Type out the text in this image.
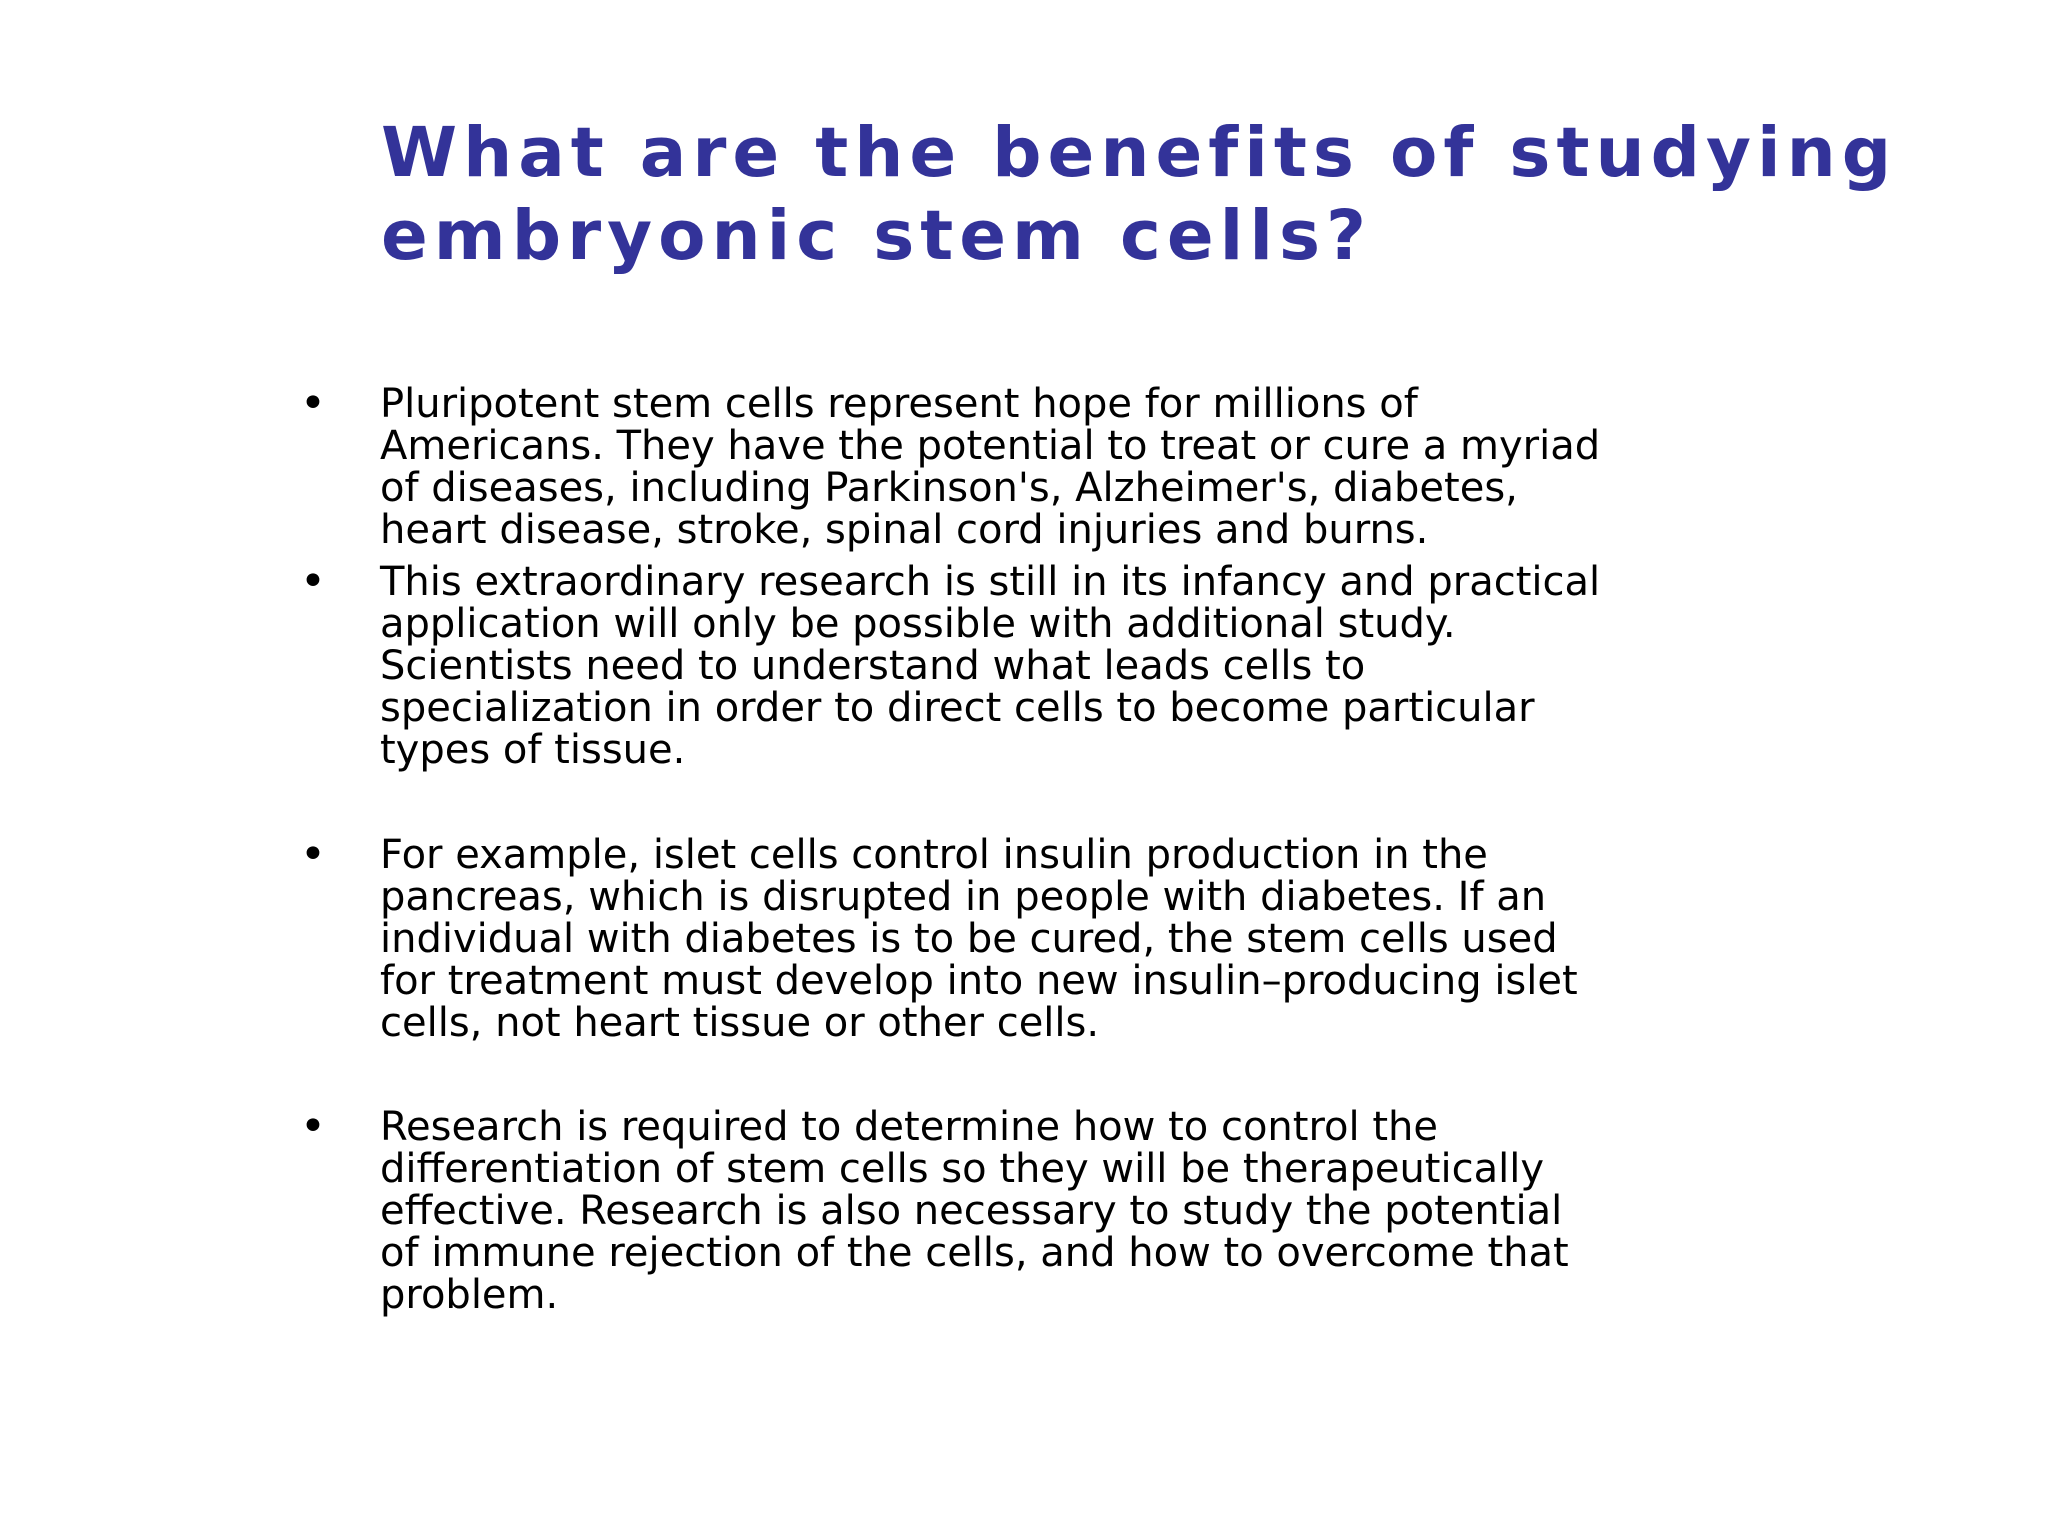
What are the benefits of studying
embryonic stem cells?
• Pluripotent stem cells represent hope for millions of
Americans. They have the potential to treat or cure a myriad
of diseases, including Parkinson's, Alzheimer's, diabetes,
heart disease, stroke, spinal cord injuries and burns.
• This extraordinary research is still in its infancy and practical
application will only be possible with additional study.
Scientists need to understand what leads cells to
specialization in order to direct cells to become particular
types of tissue.
• For example, islet cells control insulin production in the
pancreas, which is disrupted in people with diabetes. If an
individual with diabetes is to be cured, the stem cells used
for treatment must develop into new insulin–producing islet
cells, not heart tissue or other cells.
• Research is required to determine how to control the
differentiation of stem cells so they will be therapeutically
effective. Research is also necessary to study the potential
of immune rejection of the cells, and how to overcome that
problem.
